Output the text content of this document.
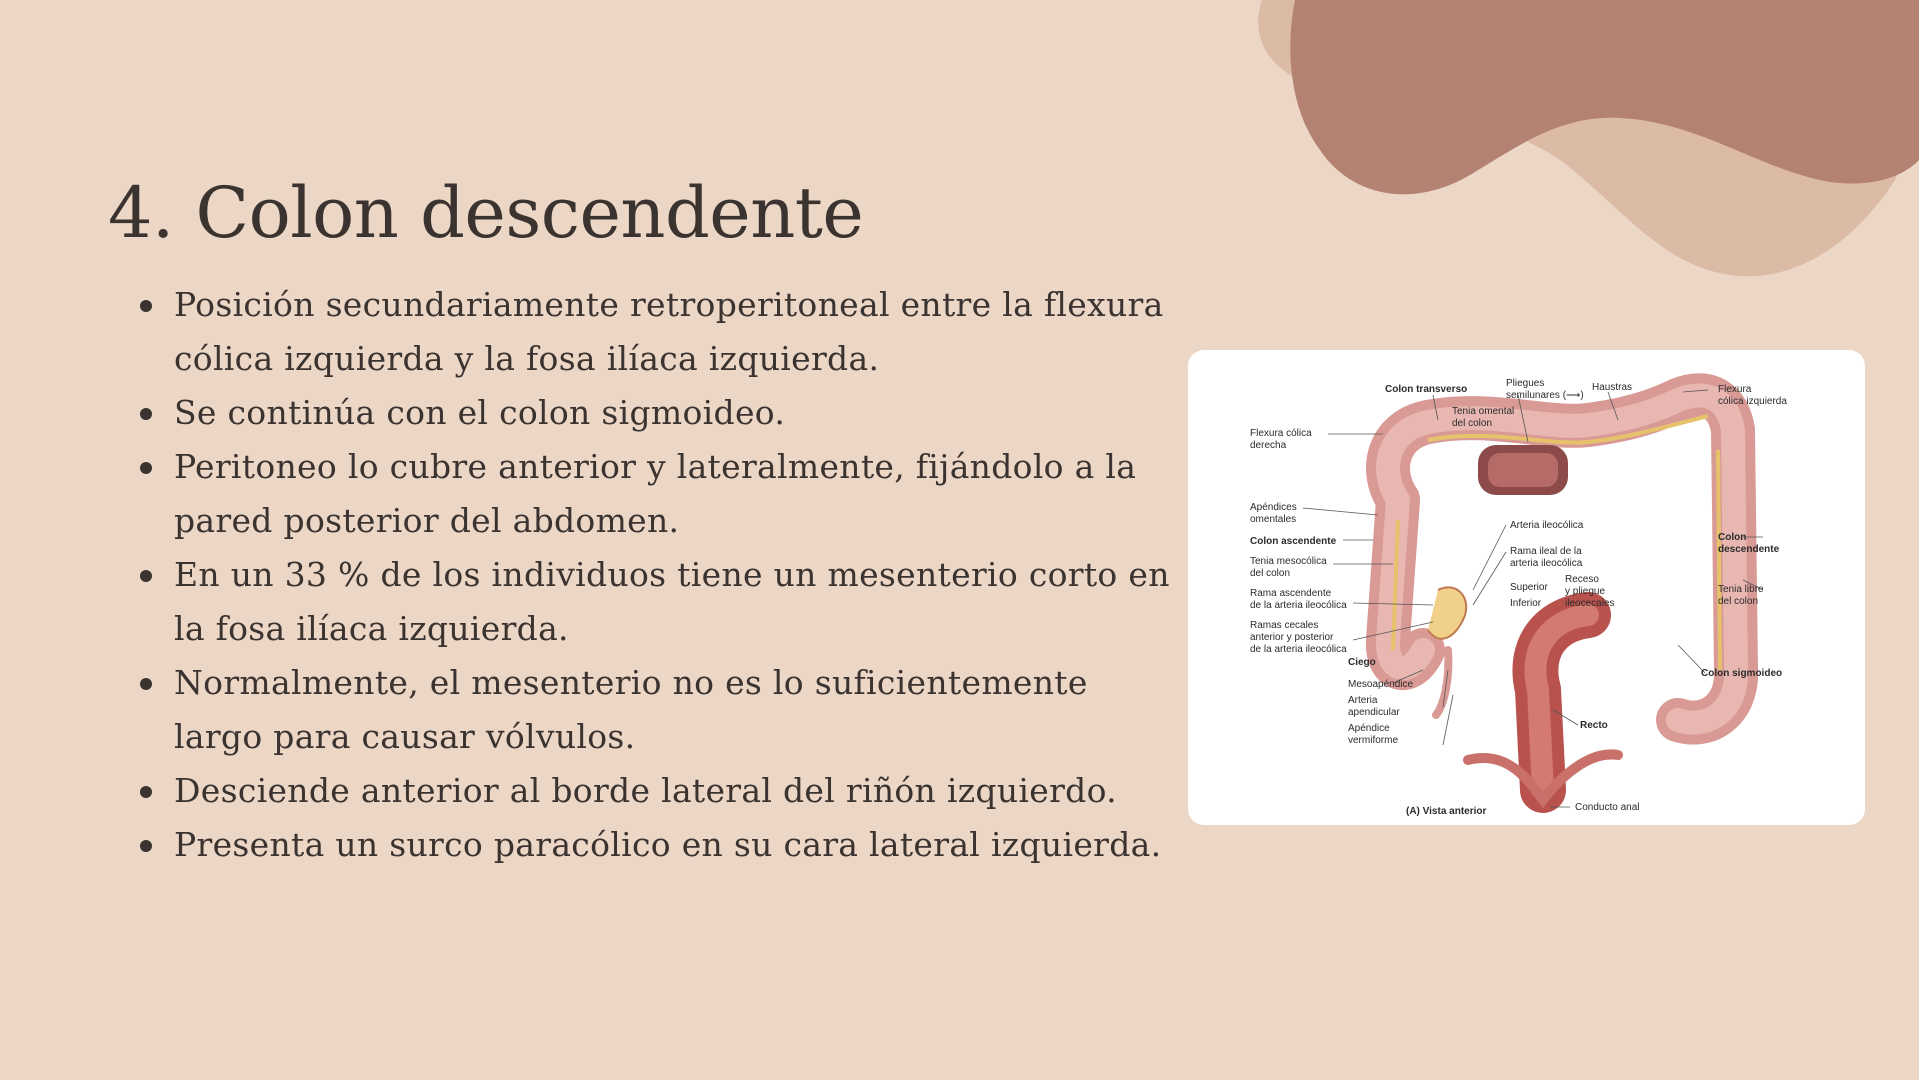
4. Colon descendente
Posición secundariamente retroperitoneal entre la flexura cólica izquierda y la fosa ilíaca izquierda.
Se continúa con el colon sigmoideo.
Peritoneo lo cubre anterior y lateralmente, fijándolo a la pared posterior del abdomen.
En un 33 % de los individuos tiene un mesenterio corto en la fosa ilíaca izquierda.
Normalmente, el mesenterio no es lo suficientemente largo para causar vólvulos.
Desciende anterior al borde lateral del riñón izquierdo.
Presenta un surco paracólico en su cara lateral izquierda.
Colon transverso
Pliegues
semilunares (⟶)
Haustras	Flexura
cólica izquierda
Tenia omental
del colon
Flexura cólica
derecha
Apéndices
omentales
Colon ascendente
Tenia mesocólica
del colon
Rama ascendente
de la arteria ileocólica
Ramas cecales
anterior y posterior
de la arteria ileocólica
Ciego
Mesoapéndice
Arteria
apendicular
Apéndice
vermiforme
Arteria ileocólica
Rama ileal de la
arteria ileocólica
Superior
Inferior
Receso
y pliegue
ileocecales
Colon
descendente
Tenia libre
del colon
Colon sigmoideo
Recto
Conducto anal
(A) Vista anterior
